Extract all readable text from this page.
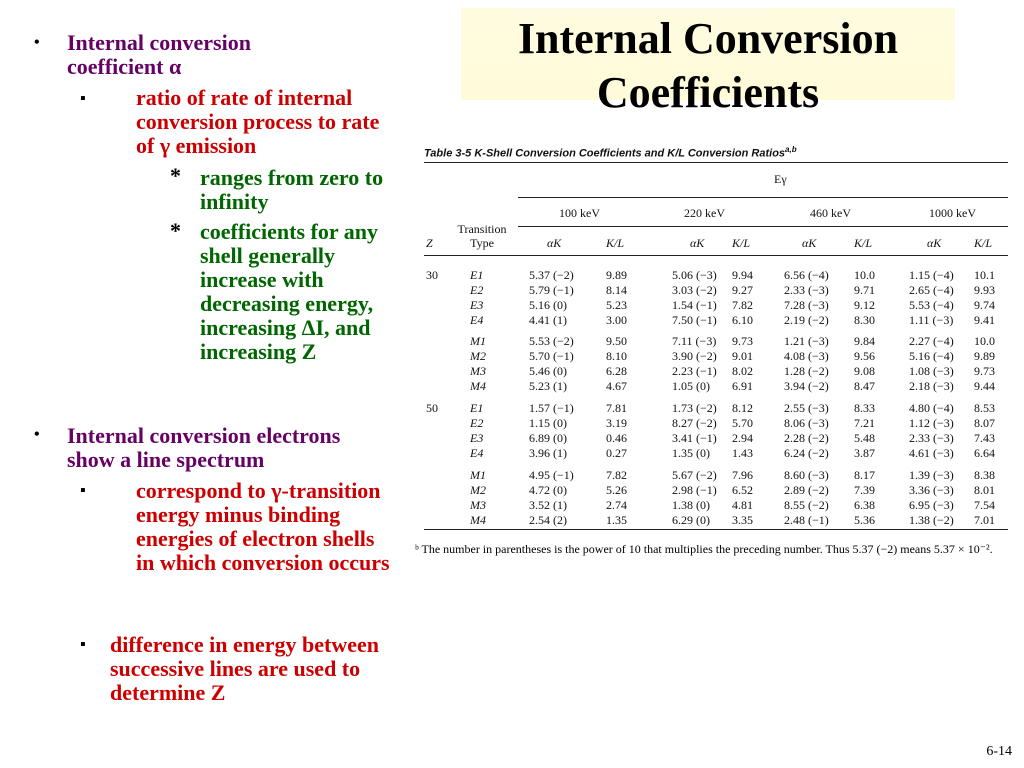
Internal Conversion Coefficients
• Internal conversion coefficient α
▪ ratio of rate of internal conversion process to rate of γ emission
* ranges from zero to infinity
* coefficients for any shell generally increase with decreasing energy, increasing ΔI, and increasing Z
• Internal conversion electrons show a line spectrum
▪ correspond to γ-transition energy minus binding energies of electron shells in which conversion occurs
▪ difference in energy between successive lines are used to determine Z
Table 3-5 K-Shell Conversion Coefficients and K/L Conversion Ratios$^{a,b}$
Eγ
100 keV	220 keV	460 keV	1000 keV
Z
Transition Type	αK	K/L	αK K/L	αK	K/L	αK	K/L
30	E1	5.37 (−2)	9.89	5.06 (−3) 9.94	6.56 (−4) 10.0	1.15 (−4) 10.1
E2	5.79 (−1)	8.14	3.03 (−2) 9.27	2.33 (−3) 9.71	2.65 (−4) 9.93
E3	5.16 (0)	5.23	1.54 (−1) 7.82	7.28 (−3) 9.12	5.53 (−4) 9.74
E4	4.41 (1)	3.00	7.50 (−1) 6.10	2.19 (−2) 8.30	1.11 (−3) 9.41
M1	5.53 (−2)	9.50	7.11 (−3) 9.73	1.21 (−3) 9.84	2.27 (−4) 10.0
M2	5.70 (−1)	8.10	3.90 (−2) 9.01	4.08 (−3) 9.56	5.16 (−4) 9.89
M3	5.46 (0)	6.28	2.23 (−1) 8.02	1.28 (−2) 9.08	1.08 (−3) 9.73
M4	5.23 (1)	4.67	1.05 (0) 6.91	3.94 (−2) 8.47	2.18 (−3) 9.44
50	E1	1.57 (−1)	7.81	1.73 (−2) 8.12	2.55 (−3) 8.33	4.80 (−4) 8.53
E2	1.15 (0)	3.19	8.27 (−2) 5.70	8.06 (−3) 7.21	1.12 (−3) 8.07
E3	6.89 (0)	0.46	3.41 (−1) 2.94	2.28 (−2) 5.48	2.33 (−3) 7.43
E4	3.96 (1)	0.27	1.35 (0) 1.43	6.24 (−2) 3.87	4.61 (−3) 6.64
M1	4.95 (−1)	7.82	5.67 (−2) 7.96	8.60 (−3) 8.17	1.39 (−3) 8.38
M2	4.72 (0)	5.26	2.98 (−1) 6.52	2.89 (−2) 7.39	3.36 (−3) 8.01
M3	3.52 (1)	2.74	1.38 (0) 4.81	8.55 (−2) 6.38	6.95 (−3) 7.54
M4	2.54 (2)	1.35	6.29 (0) 3.35	2.48 (−1) 5.36	1.38 (−2) 7.01
ᵇ The number in parentheses is the power of 10 that multiplies the preceding number. Thus 5.37 (−2) means 5.37 × 10⁻².
6-14
